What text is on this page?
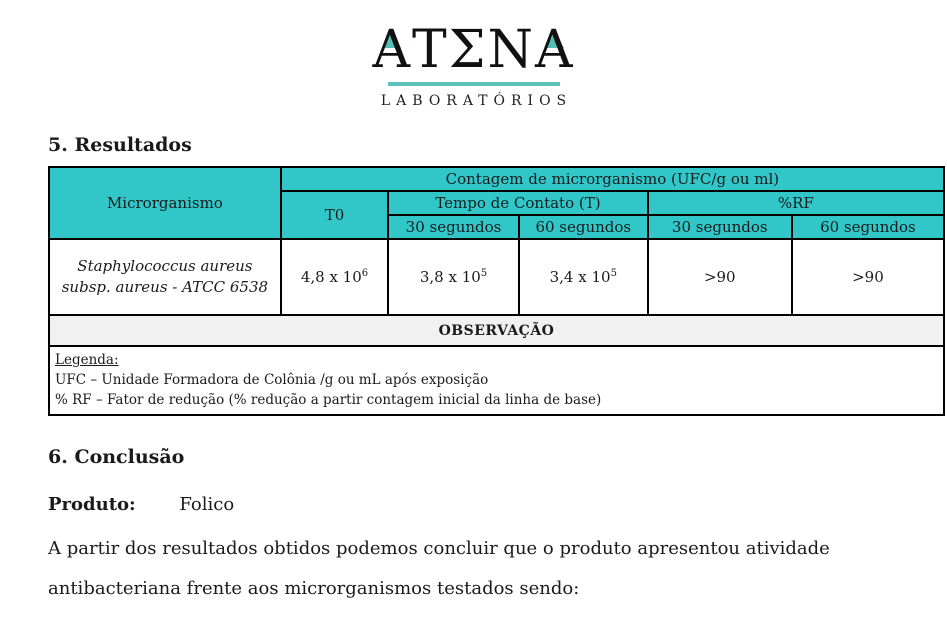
ATΣNA
LABORATÓRIOS
5. Resultados
Microrganismo	Contagem de microrganismo (UFC/g ou ml)				
	T0	Tempo de Contato (T)		%RF	
		30 segundos	60 segundos	30 segundos	60 segundos
Staphylococcus aureus subsp. aureus - ATCC 6538	4,8 x $10^6$	3,8 x $10^5$	3,4 x $10^5$	>90	>90
OBSERVAÇÃO					

Legenda:
UFC – Unidade Formadora de Colônia /g ou mL após exposição
% RF – Fator de redução (% redução a partir contagem inicial da linha de base)					
6. Conclusão
Produto: Folico
A partir dos resultados obtidos podemos concluir que o produto apresentou atividade antibacteriana frente aos microrganismos testados sendo:
